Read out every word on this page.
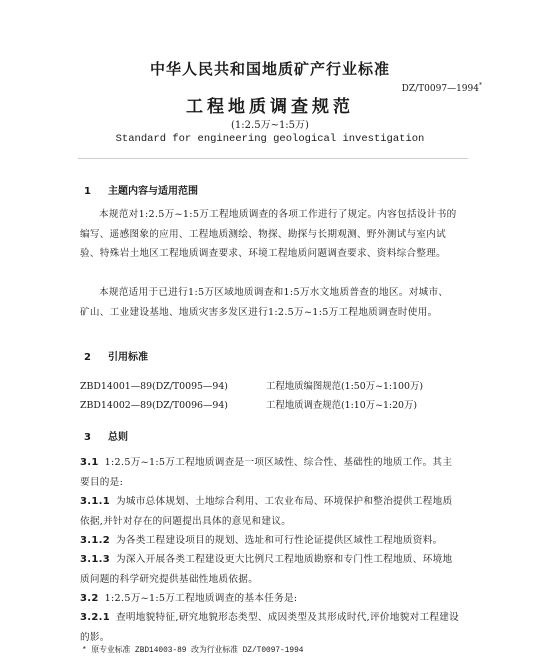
中华人民共和国地质矿产行业标准
DZ/T0097—1994*
工程地质调查规范
(1:2.5万~1:5万)
Standard for engineering geological investigation
1 主题内容与适用范围
本规范对1:2.5万~1:5万工程地质调查的各项工作进行了规定。内容包括设计书的编写、遥感图象的应用、工程地质测绘、物探、勘探与长期观测、野外测试与室内试验、特殊岩土地区工程地质调查要求、环境工程地质问题调查要求、资料综合整理。
本规范适用于已进行1:5万区域地质调查和1:5万水文地质普查的地区。对城市、矿山、工业建设基地、地质灾害多发区进行1:2.5万~1:5万工程地质调查时使用。
2 引用标准
ZBD14001—89(DZ/T0095—94)	工程地质编图规范(1:50万~1:100万)
ZBD14002—89(DZ/T0096—94)	工程地质调查规范(1:10万~1:20万)
3 总则
3.1 1:2.5万~1:5万工程地质调查是一项区域性、综合性、基础性的地质工作。其主要目的是:
3.1.1 为城市总体规划、土地综合利用、工农业布局、环境保护和整治提供工程地质依据,并针对存在的问题提出具体的意见和建议。
3.1.2 为各类工程建设项目的规划、选址和可行性论证提供区域性工程地质资料。
3.1.3 为深入开展各类工程建设更大比例尺工程地质勘察和专门性工程地质、环境地质问题的科学研究提供基础性地质依据。
3.2 1:2.5万~1:5万工程地质调查的基本任务是:
3.2.1 查明地貌特征,研究地貌形态类型、成因类型及其形成时代,评价地貌对工程建设的影。
* 原专业标准 ZBD14003-89 改为行业标准 DZ/T0097-1994
